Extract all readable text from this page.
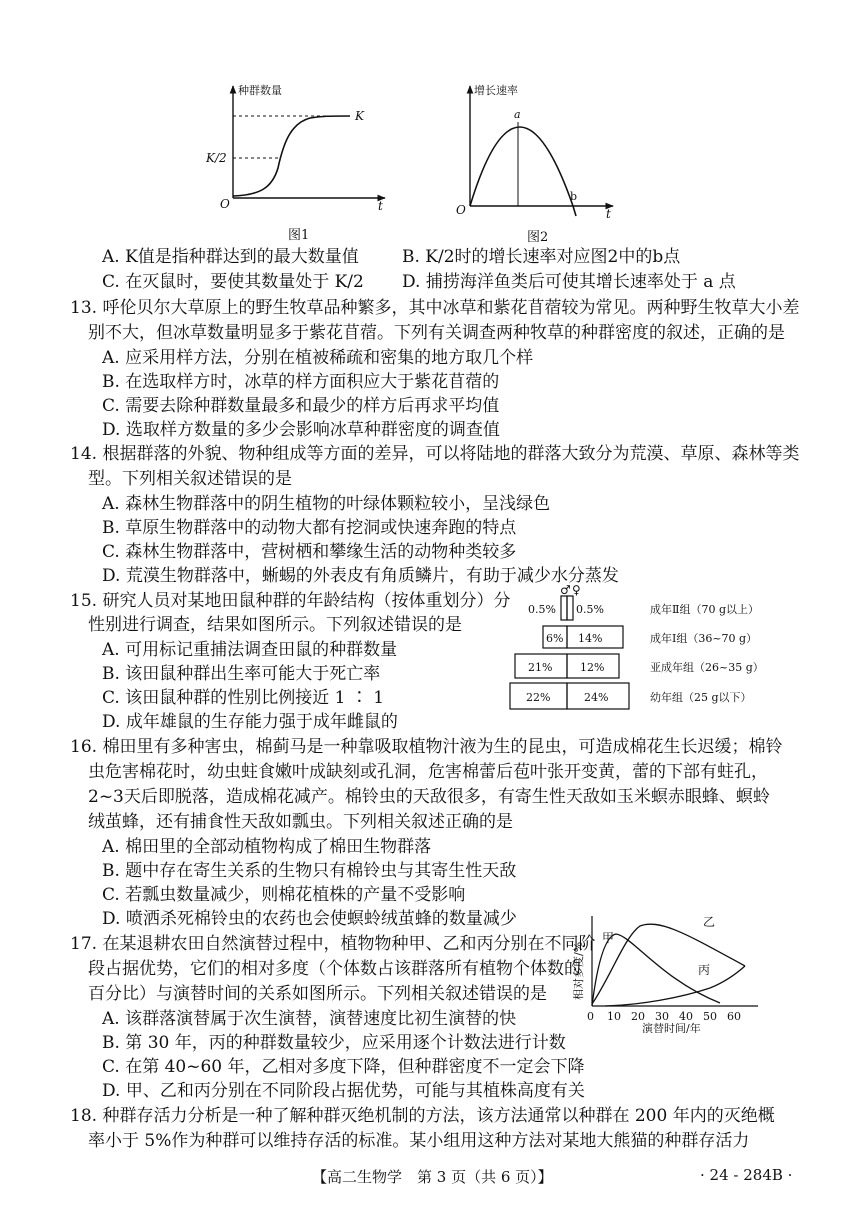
种群数量
K
K/2
O	t
图1
增长速率
a
b
O	t
图2
A. K值是指种群达到的最大数量值	B. K/2时的增长速率对应图2中的b点
C. 在灭鼠时，要使其数量处于 K/2 D. 捕捞海洋鱼类后可使其增长速率处于 a 点
13. 呼伦贝尔大草原上的野生牧草品种繁多，其中冰草和紫花苜蓿较为常见。两种野生牧草大小差
别不大，但冰草数量明显多于紫花苜蓿。下列有关调查两种牧草的种群密度的叙述，正确的是
A. 应采用样方法，分别在植被稀疏和密集的地方取几个样
B. 在选取样方时，冰草的样方面积应大于紫花苜蓿的
C. 需要去除种群数量最多和最少的样方后再求平均值
D. 选取样方数量的多少会影响冰草种群密度的调查值
14. 根据群落的外貌、物种组成等方面的差异，可以将陆地的群落大致分为荒漠、草原、森林等类
型。下列相关叙述错误的是
A. 森林生物群落中的阴生植物的叶绿体颗粒较小，呈浅绿色
B. 草原生物群落中的动物大都有挖洞或快速奔跑的特点
C. 森林生物群落中，营树栖和攀缘生活的动物种类较多
D. 荒漠生物群落中，蜥蜴的外表皮有角质鳞片，有助于减少水分蒸发
15. 研究人员对某地田鼠种群的年龄结构（按体重划分）分
性别进行调查，结果如图所示。下列叙述错误的是
A. 可用标记重捕法调查田鼠的种群数量
B. 该田鼠种群出生率可能大于死亡率
C. 该田鼠种群的性别比例接近 1 ∶ 1
D. 成年雄鼠的生存能力强于成年雌鼠的
♂ ♀
0.5% 0.5%
6% 14%
21%	12%
22%	24%
成年Ⅱ组（70 g以上）
成年Ⅰ组（36~70 g）
亚成年组（26~35 g）
幼年组（25 g以下）
16. 棉田里有多种害虫，棉蓟马是一种靠吸取植物汁液为生的昆虫，可造成棉花生长迟缓；棉铃
虫危害棉花时，幼虫蛀食嫩叶成缺刻或孔洞，危害棉蕾后苞叶张开变黄，蕾的下部有蛀孔，
2~3天后即脱落，造成棉花减产。棉铃虫的天敌很多，有寄生性天敌如玉米螟赤眼蜂、螟蛉
绒茧蜂，还有捕食性天敌如瓢虫。下列相关叙述正确的是
A. 棉田里的全部动植物构成了棉田生物群落
B. 题中存在寄生关系的生物只有棉铃虫与其寄生性天敌
C. 若瓢虫数量减少，则棉花植株的产量不受影响
D. 喷洒杀死棉铃虫的农药也会使螟蛉绒茧蜂的数量减少
17. 在某退耕农田自然演替过程中，植物物种甲、乙和丙分别在不同阶
段占据优势，它们的相对多度（个体数占该群落所有植物个体数的
百分比）与演替时间的关系如图所示。下列相关叙述错误的是
A. 该群落演替属于次生演替，演替速度比初生演替的快
B. 第 30 年，丙的种群数量较少，应采用逐个计数法进行计数
C. 在第 40~60 年，乙相对多度下降，但种群密度不一定会下降
D. 甲、乙和丙分别在不同阶段占据优势，可能与其植株高度有关
甲
乙
丙
0 10 20 30 40 50 60
演替时间/年
相对多度/%
18. 种群存活力分析是一种了解种群灭绝机制的方法，该方法通常以种群在 200 年内的灭绝概
率小于 5%作为种群可以维持存活的标准。某小组用这种方法对某地大熊猫的种群存活力
【高二生物学　第 3 页（共 6 页）】	· 24 - 284B ·
